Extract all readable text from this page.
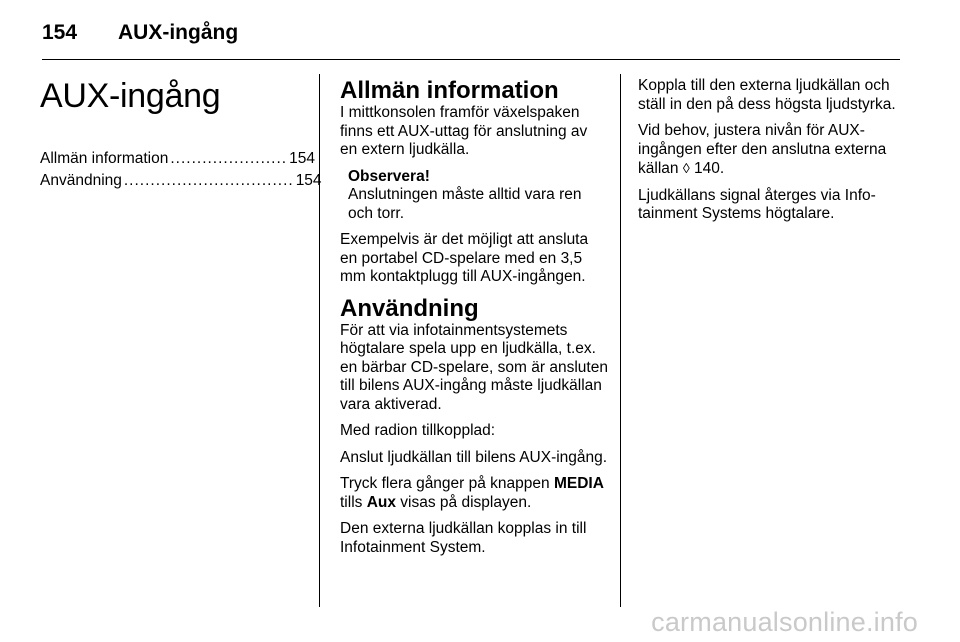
154 AUX-ingång
AUX-ingång
Allmän information ...................... 154
Användning ................................ 154
Allmän information

I mittkonsolen framför växelspaken finns ett AUX-uttag för anslutning av en extern ljudkälla.

Observera!
Anslutningen måste alltid vara ren och torr.

Exempelvis är det möjligt att ansluta en portabel CD-spelare med en 3,5 mm kontaktplugg till AUX-ingången.

Användning

För att via infotainmentsystemets högtalare spela upp en ljudkälla, t.ex. en bärbar CD-spelare, som är ansluten till bilens AUX-ingång måste ljudkällan vara aktiverad.

Med radion tillkopplad:

Anslut ljudkällan till bilens AUX-ingång.

Tryck flera gånger på knappen MEDIA tills Aux visas på displayen.

Den externa ljudkällan kopplas in till Infotainment System.

Koppla till den externa ljudkällan och ställ in den på dess högsta ljudstyrka.

Vid behov, justera nivån för AUX-ingången efter den anslutna externa källan ◊ 140.

Ljudkällans signal återges via Infotainment Systems högtalare.

carmanualsonline.info
